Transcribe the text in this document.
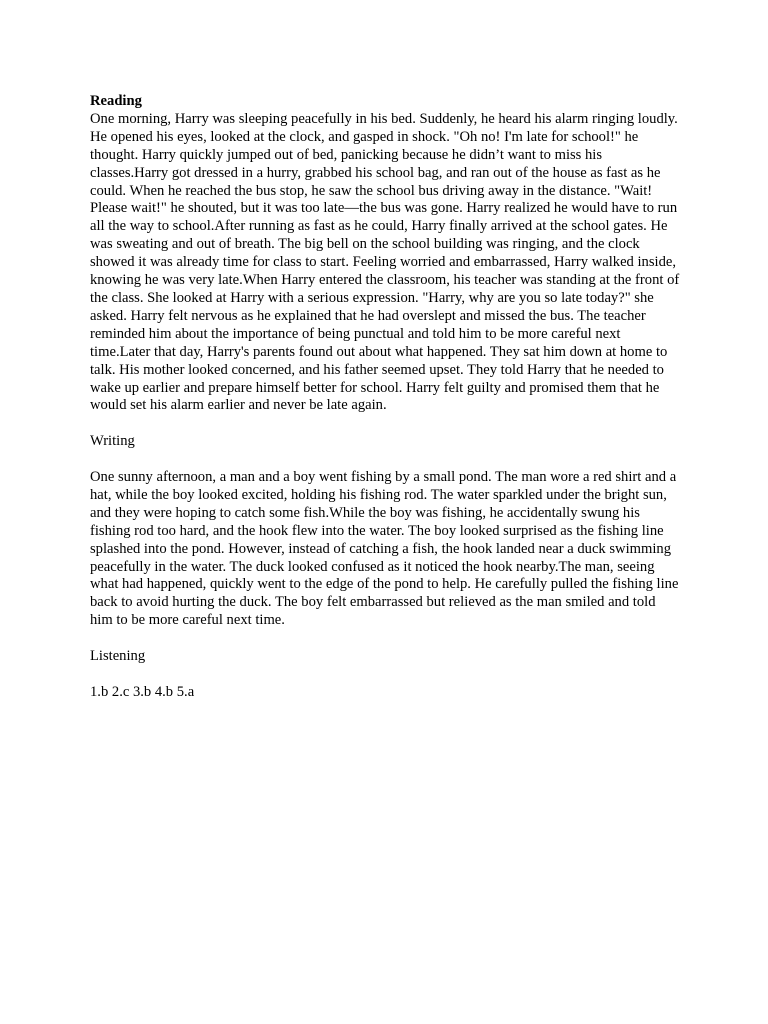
Reading

One morning, Harry was sleeping peacefully in his bed. Suddenly, he heard his alarm ringing loudly. He opened his eyes, looked at the clock, and gasped in shock. "Oh no! I'm late for school!" he thought. Harry quickly jumped out of bed, panicking because he didn’t want to miss his classes.Harry got dressed in a hurry, grabbed his school bag, and ran out of the house as fast as he could. When he reached the bus stop, he saw the school bus driving away in the distance. "Wait! Please wait!" he shouted, but it was too late—the bus was gone. Harry realized he would have to run all the way to school.After running as fast as he could, Harry finally arrived at the school gates. He was sweating and out of breath. The big bell on the school building was ringing, and the clock showed it was already time for class to start. Feeling worried and embarrassed, Harry walked inside, knowing he was very late.When Harry entered the classroom, his teacher was standing at the front of the class. She looked at Harry with a serious expression. "Harry, why are you so late today?" she asked. Harry felt nervous as he explained that he had overslept and missed the bus. The teacher reminded him about the importance of being punctual and told him to be more careful next time.Later that day, Harry's parents found out about what happened. They sat him down at home to talk. His mother looked concerned, and his father seemed upset. They told Harry that he needed to wake up earlier and prepare himself better for school. Harry felt guilty and promised them that he would set his alarm earlier and never be late again.

Writing

One sunny afternoon, a man and a boy went fishing by a small pond. The man wore a red shirt and a hat, while the boy looked excited, holding his fishing rod. The water sparkled under the bright sun, and they were hoping to catch some fish.While the boy was fishing, he accidentally swung his fishing rod too hard, and the hook flew into the water. The boy looked surprised as the fishing line splashed into the pond. However, instead of catching a fish, the hook landed near a duck swimming peacefully in the water. The duck looked confused as it noticed the hook nearby.The man, seeing what had happened, quickly went to the edge of the pond to help. He carefully pulled the fishing line back to avoid hurting the duck. The boy felt embarrassed but relieved as the man smiled and told him to be more careful next time.

Listening

1.b 2.c 3.b 4.b 5.a
